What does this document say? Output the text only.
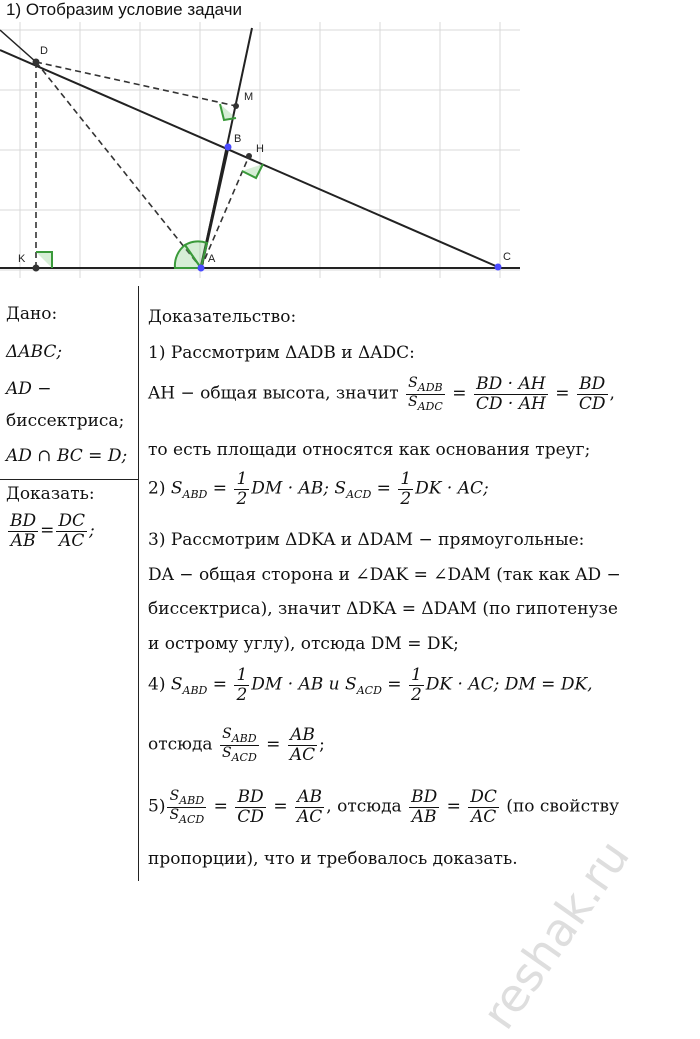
1) Отобразим условие задачи
D
M
B
H
K	A	C
Дано:
ΔABC;
AD −
биссектриса;
AD ∩ BC = D;
Доказать:
$\frac{BD}{AB} = \frac{DC}{AC}$ ;
Доказательство:
1) Рассмотрим ΔADB и ΔADC:
AH − общая высота, значит $\frac{S_{ADB}}{S_{ADC}} = \frac{BD \cdot AH}{CD \cdot AH} = \frac{BD}{CD}$ ,
то есть площади относятся как основания треуг;
2) $S_{ABD} = \frac{1}{2}$ DM · AB; $S_{ACD} = \frac{1}{2}$ DK · AC;
3) Рассмотрим ΔDKA и ΔDAM − прямоугольные:
DA − общая сторона и ∠DAK = ∠DAM (так как AD −
биссектриса), значит ΔDKA = ΔDAM (по гипотенузе
и острому углу), отсюда DM = DK;
4) $S_{ABD} = \frac{1}{2}$ DM · AB и $S_{ACD} = \frac{1}{2}$ DK · AC; DM = DK,
отсюда $\frac{S_{ABD}}{S_{ACD}} = \frac{AB}{AC}$ ;
$5) \frac{S_{ABD}}{S_{ACD}} = \frac{BD}{CD} = \frac{AB}{AC}$ , отсюда $\frac{BD}{AB} = \frac{DC}{AC} (по$ свойству
пропорции), что и требовалось доказать.
reshak.ru
